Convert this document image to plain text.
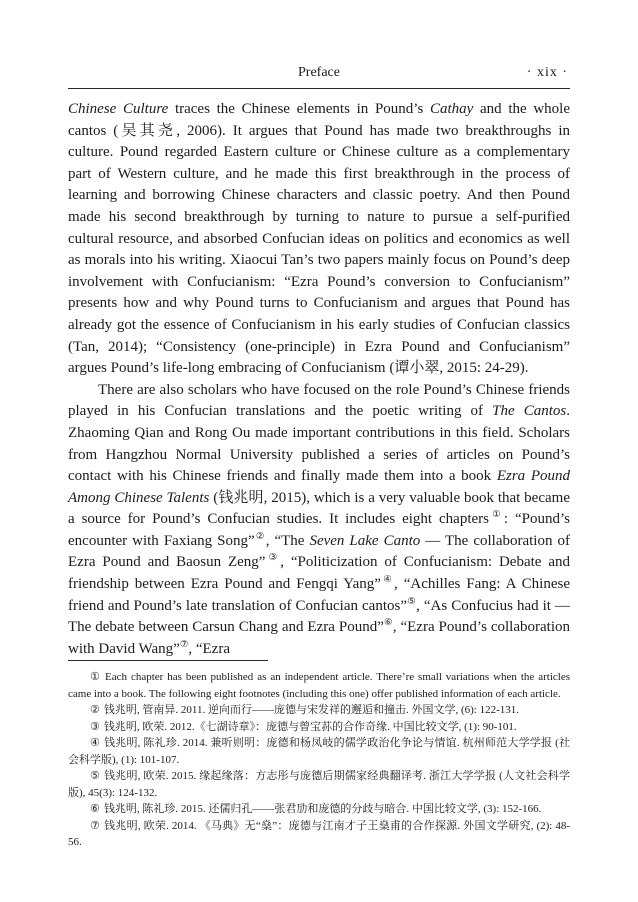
Preface	· xix ·

Chinese Culture traces the Chinese elements in Pound’s Cathay and the whole cantos (吴其尧, 2006). It argues that Pound has made two breakthroughs in culture. Pound regarded Eastern culture or Chinese culture as a complementary part of Western culture, and he made this first breakthrough in the process of learning and borrowing Chinese characters and classic poetry. And then Pound made his second breakthrough by turning to nature to pursue a self-purified cultural resource, and absorbed Confucian ideas on politics and economics as well as morals into his writing. Xiaocui Tan’s two papers mainly focus on Pound’s deep involvement with Confucianism: “Ezra Pound’s conversion to Confucianism” presents how and why Pound turns to Confucianism and argues that Pound has already got the essence of Confucianism in his early studies of Confucian classics (Tan, 2014); “Consistency (one-principle) in Ezra Pound and Confucianism” argues Pound’s life-long embracing of Confucianism (谭小翠, 2015: 24-29).

There are also scholars who have focused on the role Pound’s Chinese friends played in his Confucian translations and the poetic writing of The Cantos. Zhaoming Qian and Rong Ou made important contributions in this field. Scholars from Hangzhou Normal University published a series of articles on Pound’s contact with his Chinese friends and finally made them into a book Ezra Pound Among Chinese Talents (钱兆明, 2015), which is a very valuable book that became a source for Pound’s Confucian studies. It includes eight chapters①: “Pound’s encounter with Faxiang Song”②, “The Seven Lake Canto — The collaboration of Ezra Pound and Baosun Zeng”③, “Politicization of Confucianism: Debate and friendship between Ezra Pound and Fengqi Yang”④, “Achilles Fang: A Chinese friend and Pound’s late translation of Confucian cantos”⑤, “As Confucius had it — The debate between Carsun Chang and Ezra Pound”⑥, “Ezra Pound’s collaboration with David Wang”⑦, “Ezra

① Each chapter has been published as an independent article. There’re small variations when the articles came into a book. The following eight footnotes (including this one) offer published information of each article.

② 钱兆明, 管南异. 2011. 逆向而行——庞德与宋发祥的邂逅和撞击. 外国文学, (6): 122-131.

③ 钱兆明, 欧荣. 2012.《七湖诗章》：庞德与曾宝荪的合作奇缘. 中国比较文学, (1): 90-101.

④ 钱兆明, 陈礼珍. 2014. 兼听则明：庞德和杨凤岐的儒学政治化争论与情谊. 杭州师范大学学报 (社会科学版), (1): 101-107.

⑤ 钱兆明, 欧荣. 2015. 缘起缘落：方志彤与庞德后期儒家经典翻译考. 浙江大学学报 (人文社会科学版), 45(3): 124-132.

⑥ 钱兆明, 陈礼珍. 2015. 还儒归孔——张君劢和庞德的分歧与暗合. 中国比较文学, (3): 152-166.

⑦ 钱兆明, 欧荣. 2014. 《马典》无“燊”：庞德与江南才子王燊甫的合作探源. 外国文学研究, (2): 48-56.
